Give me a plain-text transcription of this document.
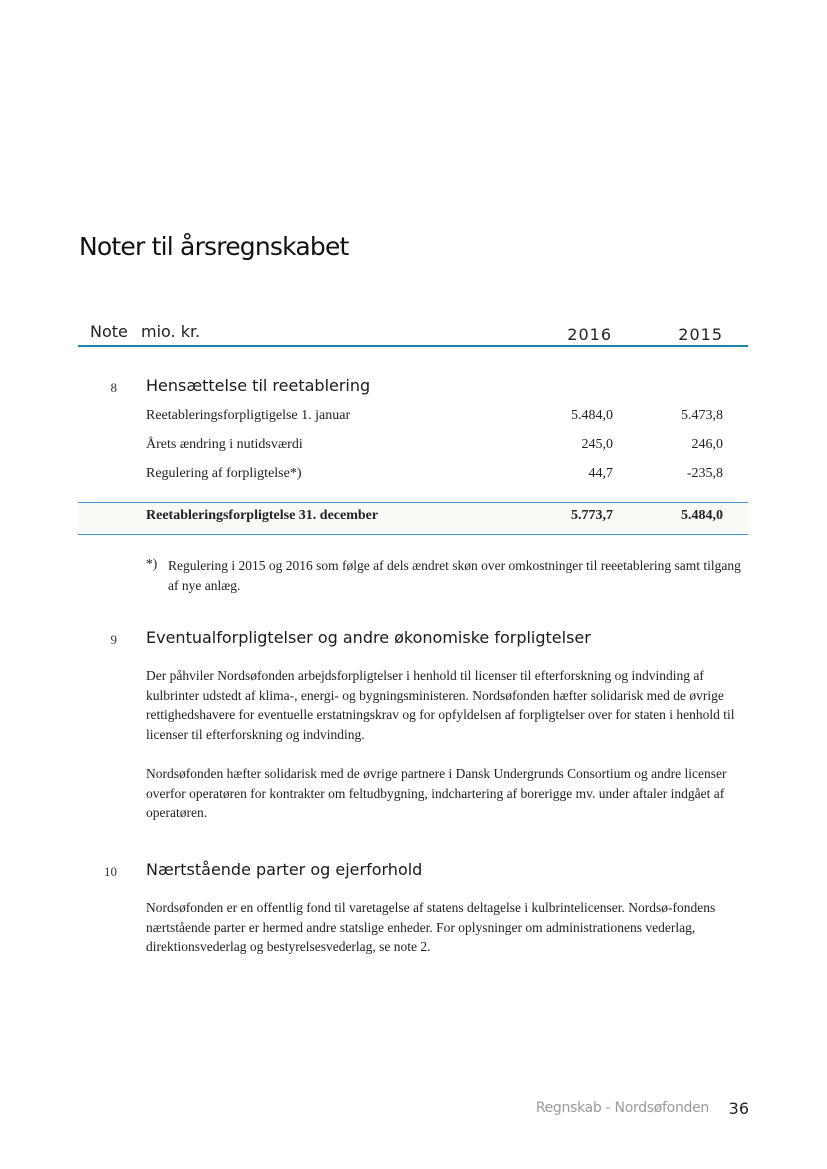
Noter til årsregnskabet
Note mio. kr.	2016	2015
8 Hensættelse til reetablering
Reetableringsforpligtigelse 1. januar	5.484,0	5.473,8
Årets ændring i nutidsværdi	245,0	246,0
Regulering af forpligtelse*)	44,7	-235,8
Reetableringsforpligtelse 31. december	5.773,7	5.484,0
*) Regulering i 2015 og 2016 som følge af dels ændret skøn over omkostninger til reeetablering samt tilgang af nye anlæg.

9 Eventualforpligtelser og andre økonomiske forpligtelser

Der påhviler Nordsøfonden arbejdsforpligtelser i henhold til licenser til efterforskning og indvinding af kulbrinter udstedt af klima-, energi- og bygningsministeren. Nordsøfonden hæfter solidarisk med de øvrige rettighedshavere for eventuelle erstatningskrav og for opfyldelsen af forpligtelser over for staten i henhold til licenser til efterforskning og indvinding.

Nordsøfonden hæfter solidarisk med de øvrige partnere i Dansk Undergrunds Consortium og andre licenser overfor operatøren for kontrakter om feltudbygning, indchartering af borerigge mv. under aftaler indgået af operatøren.

10 Nærtstående parter og ejerforhold

Nordsøfonden er en offentlig fond til varetagelse af statens deltagelse i kulbrintelicenser. Nordsø-fondens nærtstående parter er hermed andre statslige enheder. For oplysninger om administrationens vederlag, direktionsvederlag og bestyrelsesvederlag, se note 2.

Regnskab - Nordsøfonden 36
